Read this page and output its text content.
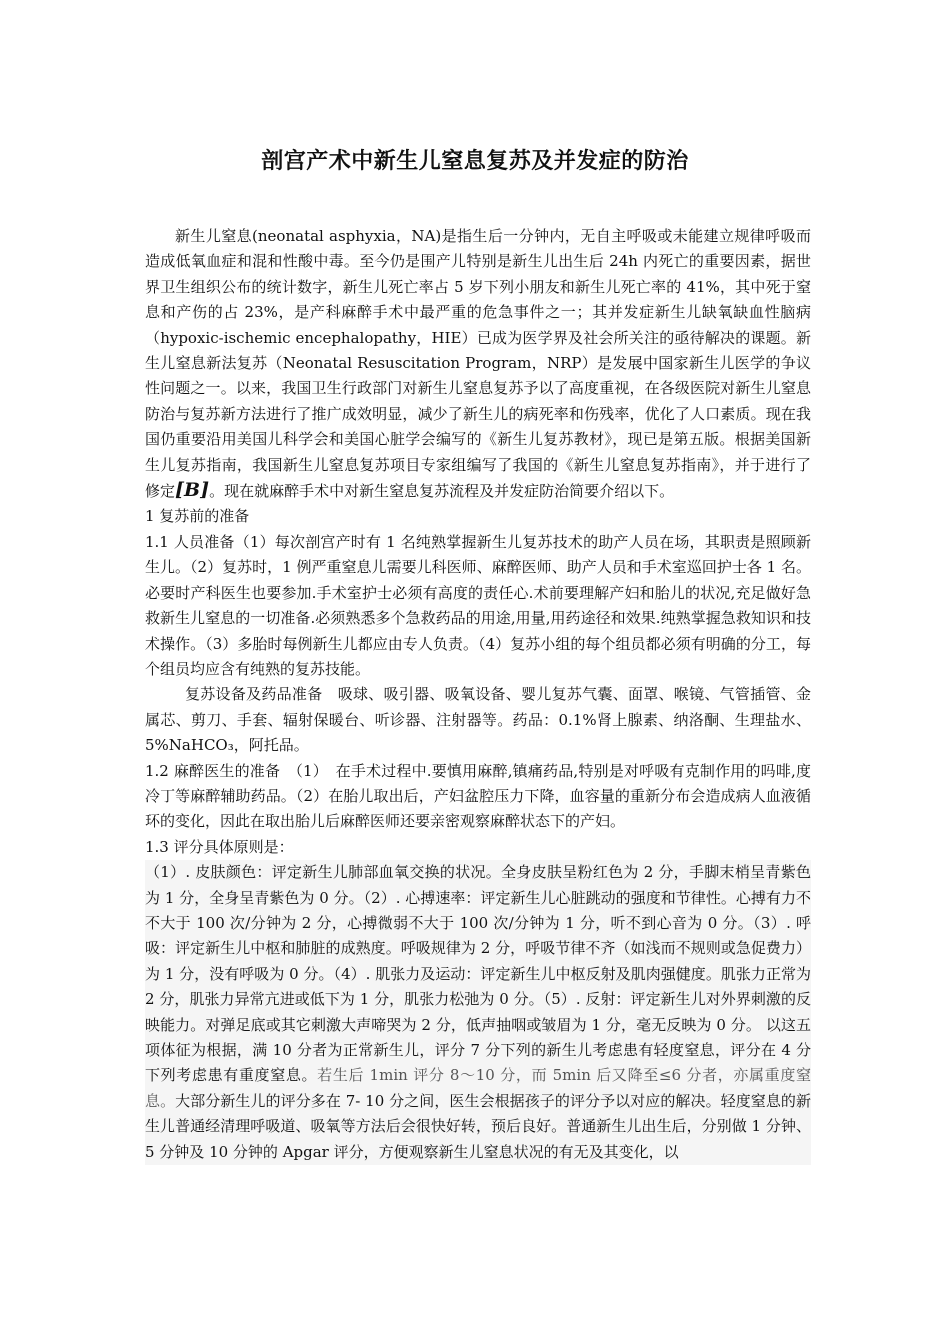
剖宫产术中新生儿窒息复苏及并发症的防治

新生儿窒息(neonatal asphyxia，NA)是指生后一分钟内，无自主呼吸或未能建立规律呼吸而造成低氧血症和混和性酸中毒。至今仍是围产儿特别是新生儿出生后 24h 内死亡的重要因素，据世界卫生组织公布的统计数字，新生儿死亡率占 5 岁下列小朋友和新生儿死亡率的 41%，其中死于窒息和产伤的占 23%，是产科麻醉手术中最严重的危急事件之一；其并发症新生儿缺氧缺血性脑病（hypoxic-ischemic encephalopathy，HIE）已成为医学界及社会所关注的亟待解决的课题。新生儿窒息新法复苏（Neonatal Resuscitation Program，NRP）是发展中国家新生儿医学的争议性问题之一。以来，我国卫生行政部门对新生儿窒息复苏予以了高度重视，在各级医院对新生儿窒息防治与复苏新方法进行了推广成效明显，减少了新生儿的病死率和伤残率，优化了人口素质。现在我国仍重要沿用美国儿科学会和美国心脏学会编写的《新生儿复苏教材》，现已是第五版。根据美国新生儿复苏指南，我国新生儿窒息复苏项目专家组编写了我国的《新生儿窒息复苏指南》，并于进行了修定[B]。现在就麻醉手术中对新生窒息复苏流程及并发症防治简要介绍以下。

1 复苏前的准备

1.1 人员准备（1）每次剖宫产时有 1 名纯熟掌握新生儿复苏技术的助产人员在场，其职责是照顾新生儿。（2）复苏时，1 例严重窒息儿需要儿科医师、麻醉医师、助产人员和手术室巡回护士各 1 名。必要时产科医生也要参加.手术室护士必须有高度的责任心.术前要理解产妇和胎儿的状况,充足做好急救新生儿窒息的一切准备.必须熟悉多个急救药品的用途,用量,用药途径和效果.纯熟掌握急救知识和技术操作。（3）多胎时每例新生儿都应由专人负责。（4）复苏小组的每个组员都必须有明确的分工，每个组员均应含有纯熟的复苏技能。

复苏设备及药品准备　吸球、吸引器、吸氧设备、婴儿复苏气囊、面罩、喉镜、气管插管、金属芯、剪刀、手套、辐射保暖台、听诊器、注射器等。药品：0.1%肾上腺素、纳洛酮、生理盐水、5%NaHCO₃，阿托品。

1.2 麻醉医生的准备　（1）　在手术过程中.要慎用麻醉,镇痛药品,特别是对呼吸有克制作用的吗啡,度冷丁等麻醉辅助药品。（2）在胎儿取出后，产妇盆腔压力下降，血容量的重新分布会造成病人血液循环的变化，因此在取出胎儿后麻醉医师还要亲密观察麻醉状态下的产妇。

1.3 评分具体原则是：

（1）. 皮肤颜色：评定新生儿肺部血氧交换的状况。全身皮肤呈粉红色为 2 分，手脚末梢呈青紫色为 1 分，全身呈青紫色为 0 分。（2）. 心搏速率：评定新生儿心脏跳动的强度和节律性。心搏有力不不大于 100 次/分钟为 2 分，心搏微弱不大于 100 次/分钟为 1 分，听不到心音为 0 分。（3）. 呼吸：评定新生儿中枢和肺脏的成熟度。呼吸规律为 2 分，呼吸节律不齐（如浅而不规则或急促费力）为 1 分，没有呼吸为 0 分。（4）. 肌张力及运动：评定新生儿中枢反射及肌肉强健度。肌张力正常为 2 分，肌张力异常亢进或低下为 1 分，肌张力松弛为 0 分。（5）. 反射：评定新生儿对外界刺激的反映能力。对弹足底或其它刺激大声啼哭为 2 分，低声抽咽或皱眉为 1 分，毫无反映为 0 分。 以这五项体征为根据，满 10 分者为正常新生儿，评分 7 分下列的新生儿考虑患有轻度窒息，评分在 4 分下列考虑患有重度窒息。若生后 1min 评分 8～10 分，而 5min 后又降至≤6 分者，亦属重度窒息。大部分新生儿的评分多在 7- 10 分之间，医生会根据孩子的评分予以对应的解决。轻度窒息的新生儿普通经清理呼吸道、吸氧等方法后会很快好转，预后良好。普通新生儿出生后，分别做 1 分钟、5 分钟及 10 分钟的 Apgar 评分，方便观察新生儿窒息状况的有无及其变化，以
